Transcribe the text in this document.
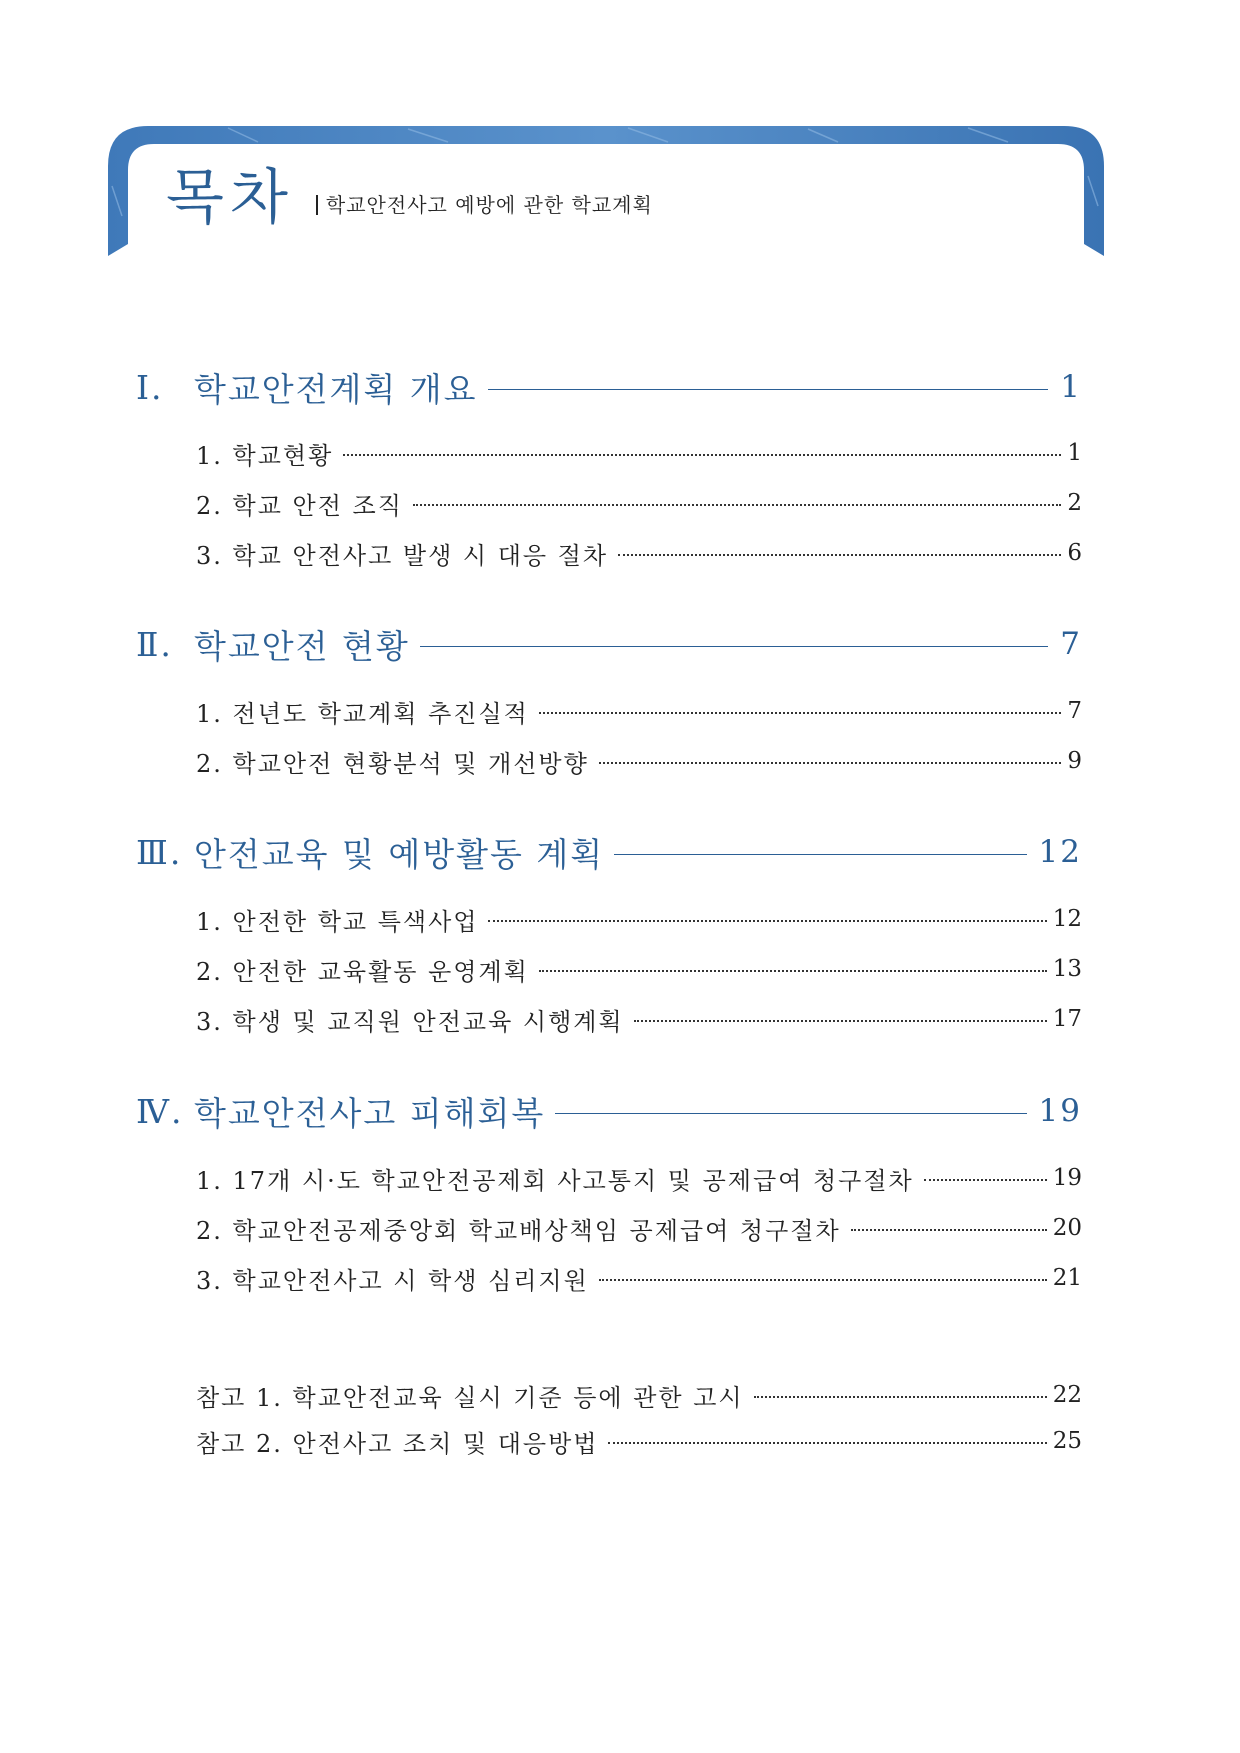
목차	학교안전사고 예방에 관한 학교계획
Ⅰ. 학교안전계획 개요	1
1. 학교현황	1
2. 학교 안전 조직	2
3. 학교 안전사고 발생 시 대응 절차	6
Ⅱ. 학교안전 현황	7
1. 전년도 학교계획 추진실적	7
2. 학교안전 현황분석 및 개선방향	9
Ⅲ. 안전교육 및 예방활동 계획	12
1. 안전한 학교 특색사업	12
2. 안전한 교육활동 운영계획	13
3. 학생 및 교직원 안전교육 시행계획	17
Ⅳ. 학교안전사고 피해회복	19
1. 17개 시·도 학교안전공제회 사고통지 및 공제급여 청구절차	19
2. 학교안전공제중앙회 학교배상책임 공제급여 청구절차	20
3. 학교안전사고 시 학생 심리지원	21
참고 1. 학교안전교육 실시 기준 등에 관한 고시	22
참고 2. 안전사고 조치 및 대응방법	25
